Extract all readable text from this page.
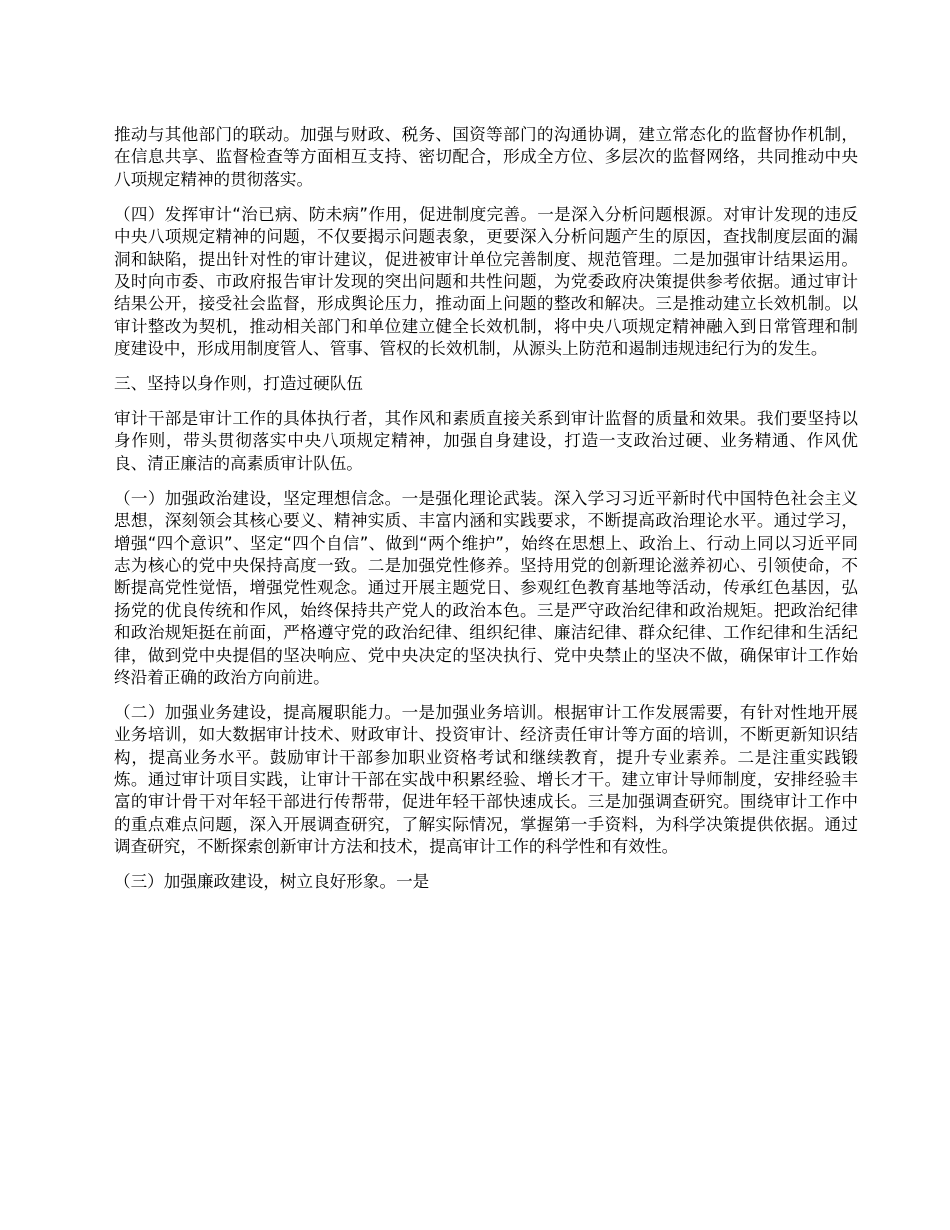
推动与其他部门的联动。加强与财政、税务、国资等部门的沟通协调，建立常态化的监督协作机制，在信息共享、监督检查等方面相互支持、密切配合，形成全方位、多层次的监督网络，共同推动中央八项规定精神的贯彻落实。

（四）发挥审计“治已病、防未病”作用，促进制度完善。一是深入分析问题根源。对审计发现的违反中央八项规定精神的问题，不仅要揭示问题表象，更要深入分析问题产生的原因，查找制度层面的漏洞和缺陷，提出针对性的审计建议，促进被审计单位完善制度、规范管理。二是加强审计结果运用。及时向市委、市政府报告审计发现的突出问题和共性问题，为党委政府决策提供参考依据。通过审计结果公开，接受社会监督，形成舆论压力，推动面上问题的整改和解决。三是推动建立长效机制。以审计整改为契机，推动相关部门和单位建立健全长效机制，将中央八项规定精神融入到日常管理和制度建设中，形成用制度管人、管事、管权的长效机制，从源头上防范和遏制违规违纪行为的发生。

三、坚持以身作则，打造过硬队伍

审计干部是审计工作的具体执行者，其作风和素质直接关系到审计监督的质量和效果。我们要坚持以身作则，带头贯彻落实中央八项规定精神，加强自身建设，打造一支政治过硬、业务精通、作风优良、清正廉洁的高素质审计队伍。

（一）加强政治建设，坚定理想信念。一是强化理论武装。深入学习习近平新时代中国特色社会主义思想，深刻领会其核心要义、精神实质、丰富内涵和实践要求，不断提高政治理论水平。通过学习，增强“四个意识”、坚定“四个自信”、做到“两个维护”，始终在思想上、政治上、行动上同以习近平同志为核心的党中央保持高度一致。二是加强党性修养。坚持用党的创新理论滋养初心、引领使命，不断提高党性觉悟，增强党性观念。通过开展主题党日、参观红色教育基地等活动，传承红色基因，弘扬党的优良传统和作风，始终保持共产党人的政治本色。三是严守政治纪律和政治规矩。把政治纪律和政治规矩挺在前面，严格遵守党的政治纪律、组织纪律、廉洁纪律、群众纪律、工作纪律和生活纪律，做到党中央提倡的坚决响应、党中央决定的坚决执行、党中央禁止的坚决不做，确保审计工作始终沿着正确的政治方向前进。

（二）加强业务建设，提高履职能力。一是加强业务培训。根据审计工作发展需要，有针对性地开展业务培训，如大数据审计技术、财政审计、投资审计、经济责任审计等方面的培训，不断更新知识结构，提高业务水平。鼓励审计干部参加职业资格考试和继续教育，提升专业素养。二是注重实践锻炼。通过审计项目实践，让审计干部在实战中积累经验、增长才干。建立审计导师制度，安排经验丰富的审计骨干对年轻干部进行传帮带，促进年轻干部快速成长。三是加强调查研究。围绕审计工作中的重点难点问题，深入开展调查研究，了解实际情况，掌握第一手资料，为科学决策提供依据。通过调查研究，不断探索创新审计方法和技术，提高审计工作的科学性和有效性。

（三）加强廉政建设，树立良好形象。一是
